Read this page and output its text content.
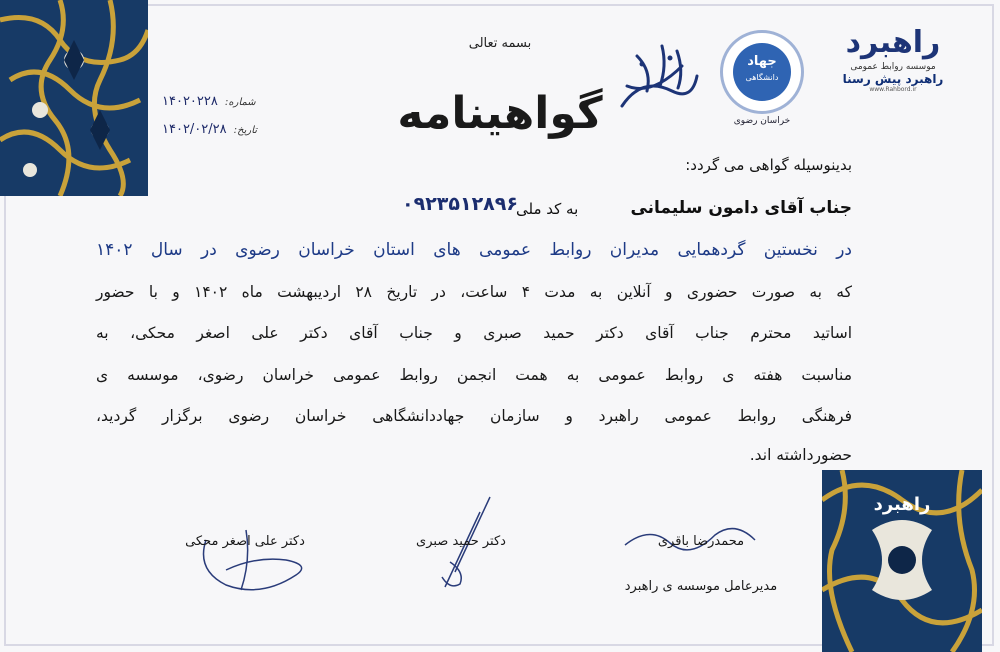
راهبرد
بسمه تعالی
گواهینامه
شماره: ۱۴۰۲۰۲۲۸
تاریخ: ۱۴۰۲/۰۲/۲۸
راهبرد
موسسه روابط عمومی
راهبرد پیش رسنا
www.Rahbord.ir
جهاد
دانشگاهی
خراسان رضوی
بدینوسیله گواهی می گردد:
جناب آقای دامون سلیمانی
به کد ملی
۰۹۲۳۵۱۲۸۹۶
در نخستین گردهمایی مدیران روابط عمومی های استان خراسان رضوی در سال ۱۴۰۲
که به صورت حضوری و آنلاین به مدت ۴ ساعت، در تاریخ ۲۸ اردیبهشت ماه ۱۴۰۲ و با حضور
اساتید محترم جناب آقای دکتر حمید صبری و جناب آقای دکتر علی اصغر محکی، به
مناسبت هفته ی روابط عمومی به همت انجمن روابط عمومی خراسان رضوی، موسسه ی
فرهنگی روابط عمومی راهبرد و سازمان جهاددانشگاهی خراسان رضوی برگزار گردید،
حضورداشته اند.
محمدرضا باقری
مدیرعامل موسسه ی راهبرد
دکتر حمید صبری
دکتر علی اصغر محکی
